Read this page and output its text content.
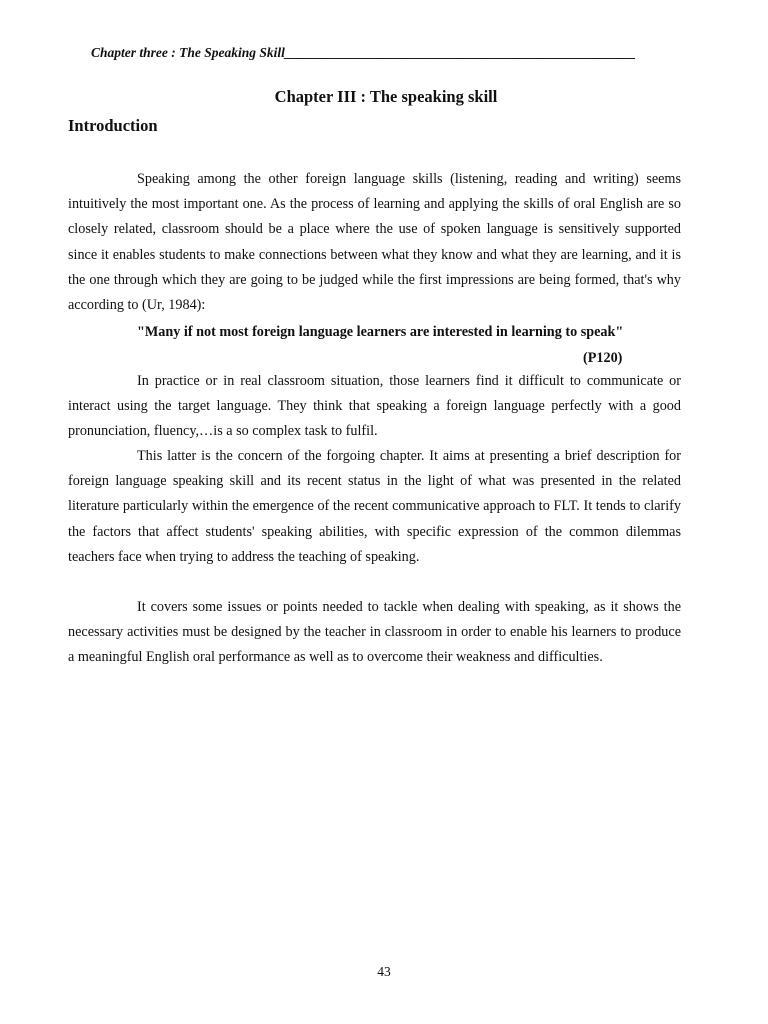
Chapter three : The Speaking Skill____________________________________________________
Chapter III : The speaking skill
Introduction

Speaking among the other foreign language skills (listening, reading and writing) seems intuitively the most important one. As the process of learning and applying the skills of oral English are so closely related, classroom should be a place where the use of spoken language is sensitively supported since it enables students to make connections between what they know and what they are learning, and it is the one through which they are going to be judged while the first impressions are being formed, that's why according to (Ur, 1984):

"Many if not most foreign language learners are interested in learning to speak"
(P120)

In practice or in real classroom situation, those learners find it difficult to communicate or interact using the target language. They think that speaking a foreign language perfectly with a good pronunciation, fluency,…is a so complex task to fulfil.

This latter is the concern of the forgoing chapter. It aims at presenting a brief description for foreign language speaking skill and its recent status in the light of what was presented in the related literature particularly within the emergence of the recent communicative approach to FLT. It tends to clarify the factors that affect students' speaking abilities, with specific expression of the common dilemmas teachers face when trying to address the teaching of speaking.

It covers some issues or points needed to tackle when dealing with speaking, as it shows the necessary activities must be designed by the teacher in classroom in order to enable his learners to produce a meaningful English oral performance as well as to overcome their weakness and difficulties.

43
